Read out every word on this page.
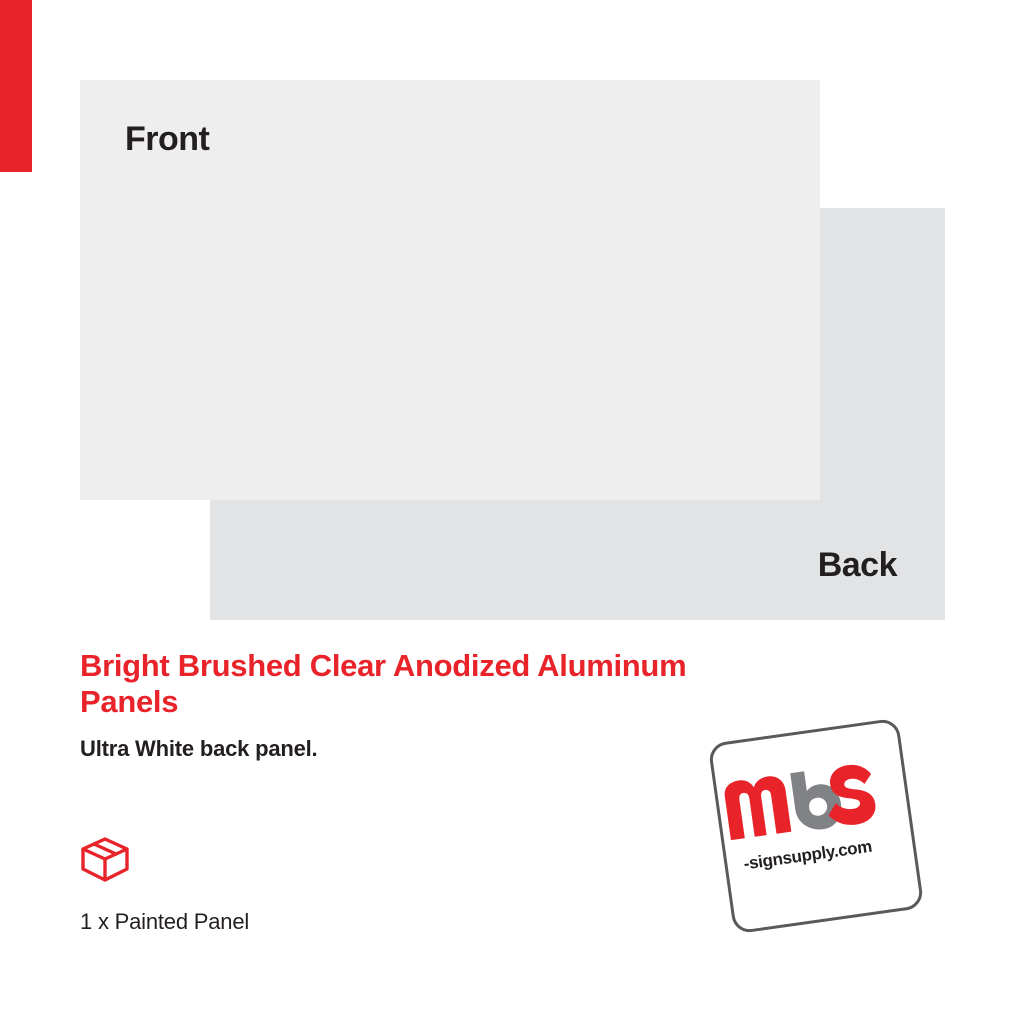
Front
Back
Bright Brushed Clear Anodized Aluminum Panels

Ultra White back panel.

1 x Painted Panel
-signsupply.com
